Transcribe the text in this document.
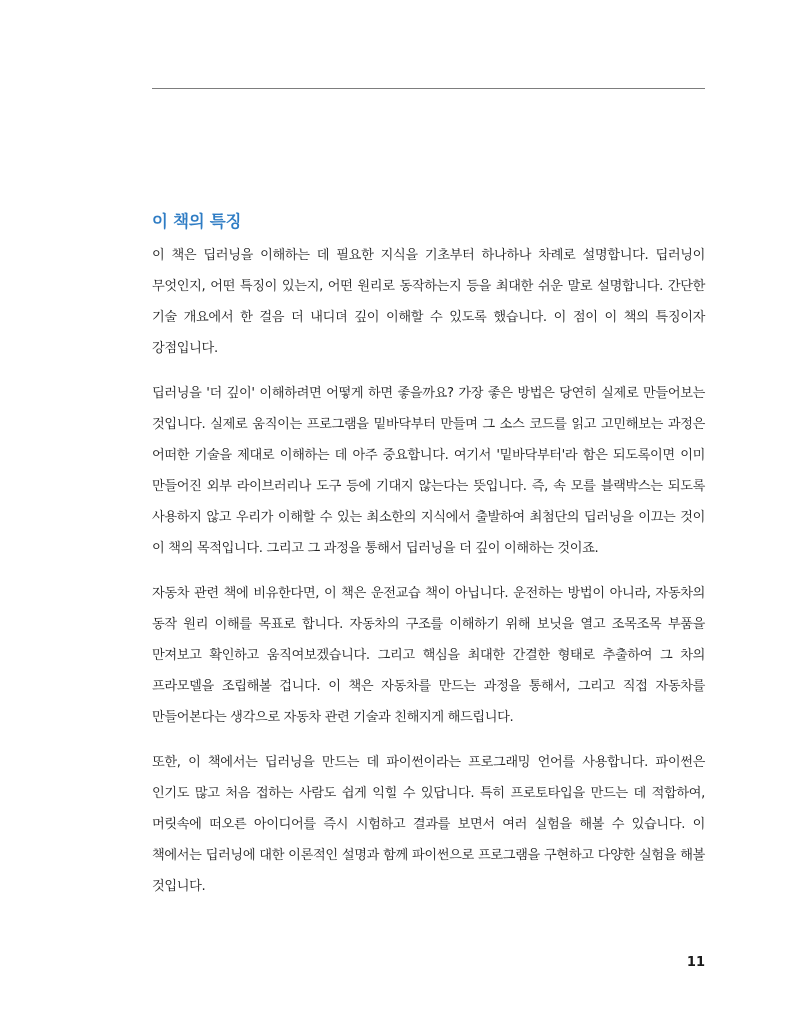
이 책의 특징

이 책은 딥러닝을 이해하는 데 필요한 지식을 기초부터 하나하나 차례로 설명합니다. 딥러닝이 무엇인지, 어떤 특징이 있는지, 어떤 원리로 동작하는지 등을 최대한 쉬운 말로 설명합니다. 간단한 기술 개요에서 한 걸음 더 내디뎌 깊이 이해할 수 있도록 했습니다. 이 점이 이 책의 특징이자 강점입니다.

딥러닝을 '더 깊이' 이해하려면 어떻게 하면 좋을까요? 가장 좋은 방법은 당연히 실제로 만들어보는 것입니다. 실제로 움직이는 프로그램을 밑바닥부터 만들며 그 소스 코드를 읽고 고민해보는 과정은 어떠한 기술을 제대로 이해하는 데 아주 중요합니다. 여기서 '밑바닥부터'라 함은 되도록이면 이미 만들어진 외부 라이브러리나 도구 등에 기대지 않는다는 뜻입니다. 즉, 속 모를 블랙박스는 되도록 사용하지 않고 우리가 이해할 수 있는 최소한의 지식에서 출발하여 최첨단의 딥러닝을 이끄는 것이 이 책의 목적입니다. 그리고 그 과정을 통해서 딥러닝을 더 깊이 이해하는 것이죠.

자동차 관련 책에 비유한다면, 이 책은 운전교습 책이 아닙니다. 운전하는 방법이 아니라, 자동차의 동작 원리 이해를 목표로 합니다. 자동차의 구조를 이해하기 위해 보닛을 열고 조목조목 부품을 만져보고 확인하고 움직여보겠습니다. 그리고 핵심을 최대한 간결한 형태로 추출하여 그 차의 프라모델을 조립해볼 겁니다. 이 책은 자동차를 만드는 과정을 통해서, 그리고 직접 자동차를 만들어본다는 생각으로 자동차 관련 기술과 친해지게 해드립니다.

또한, 이 책에서는 딥러닝을 만드는 데 파이썬이라는 프로그래밍 언어를 사용합니다. 파이썬은 인기도 많고 처음 접하는 사람도 쉽게 익힐 수 있답니다. 특히 프로토타입을 만드는 데 적합하여, 머릿속에 떠오른 아이디어를 즉시 시험하고 결과를 보면서 여러 실험을 해볼 수 있습니다. 이 책에서는 딥러닝에 대한 이론적인 설명과 함께 파이썬으로 프로그램을 구현하고 다양한 실험을 해볼 것입니다.

11
